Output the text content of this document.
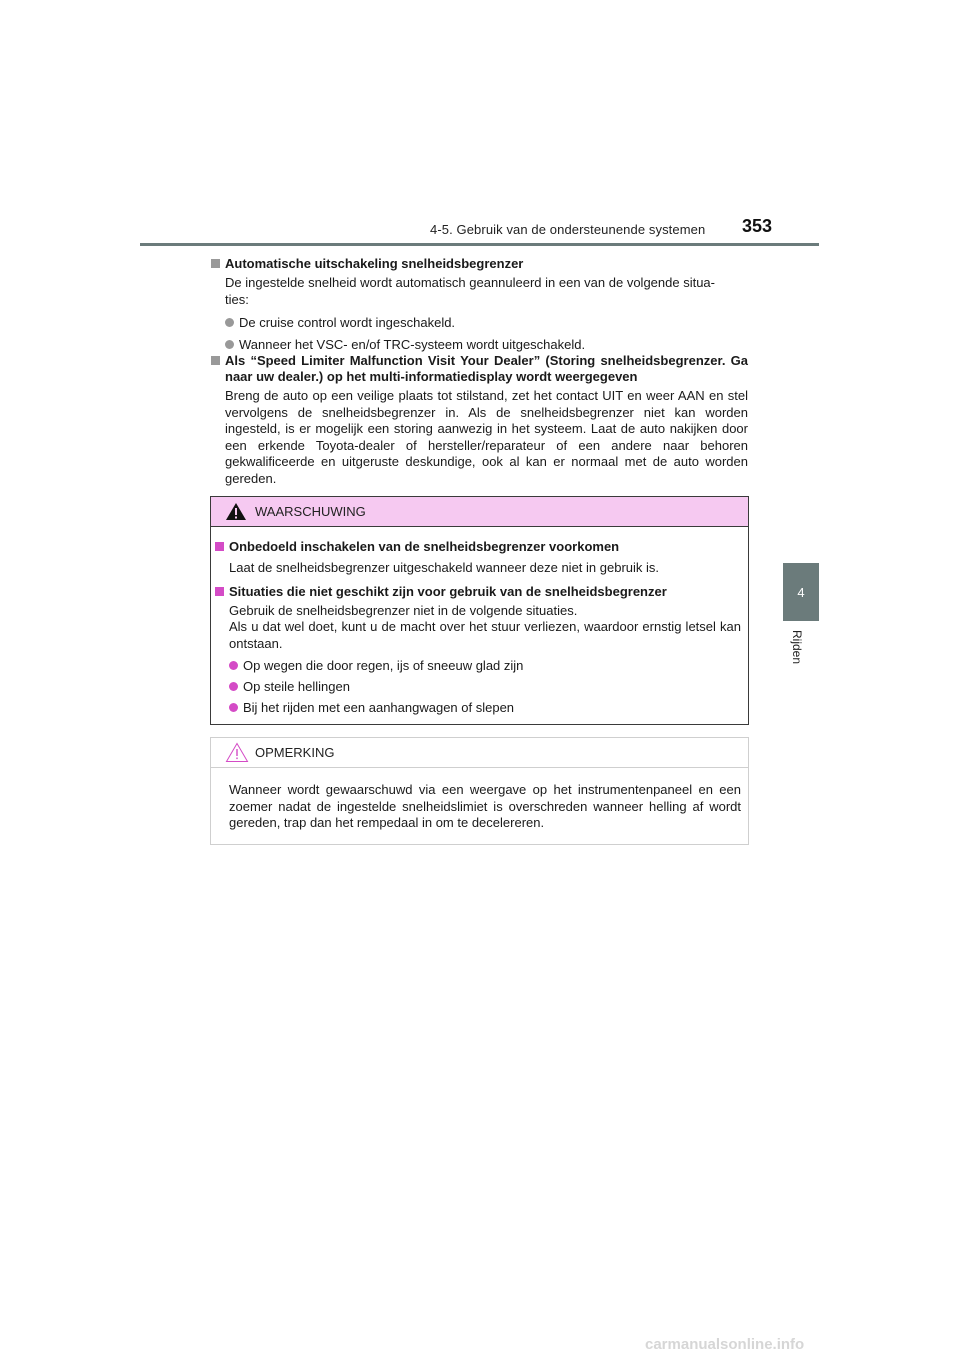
4-5. Gebruik van de ondersteunende systemen 353
4
Rijden
Automatische uitschakeling snelheidsbegrenzer
De ingestelde snelheid wordt automatisch geannuleerd in een van de volgende situa-
ties:
De cruise control wordt ingeschakeld.
Wanneer het VSC- en/of TRC-systeem wordt uitgeschakeld.
Als “Speed Limiter Malfunction Visit Your Dealer” (Storing snelheidsbegrenzer. Ga naar uw dealer.) op het multi-informatiedisplay wordt weergegeven
Breng de auto op een veilige plaats tot stilstand, zet het contact UIT en weer AAN en stel vervolgens de snelheidsbegrenzer in. Als de snelheidsbegrenzer niet kan worden ingesteld, is er mogelijk een storing aanwezig in het systeem. Laat de auto nakijken door een erkende Toyota-dealer of hersteller/reparateur of een andere naar behoren gekwalificeerde en uitgeruste deskundige, ook al kan er normaal met de auto worden gereden.
WAARSCHUWING
Onbedoeld inschakelen van de snelheidsbegrenzer voorkomen
Laat de snelheidsbegrenzer uitgeschakeld wanneer deze niet in gebruik is.
Situaties die niet geschikt zijn voor gebruik van de snelheidsbegrenzer
Gebruik de snelheidsbegrenzer niet in de volgende situaties.
Als u dat wel doet, kunt u de macht over het stuur verliezen, waardoor ernstig letsel kan ontstaan.
Op wegen die door regen, ijs of sneeuw glad zijn
Op steile hellingen
Bij het rijden met een aanhangwagen of slepen
OPMERKING
Wanneer wordt gewaarschuwd via een weergave op het instrumentenpaneel en een zoemer nadat de ingestelde snelheidslimiet is overschreden wanneer helling af wordt gereden, trap dan het rempedaal in om te decelereren.
carmanualsonline.info
